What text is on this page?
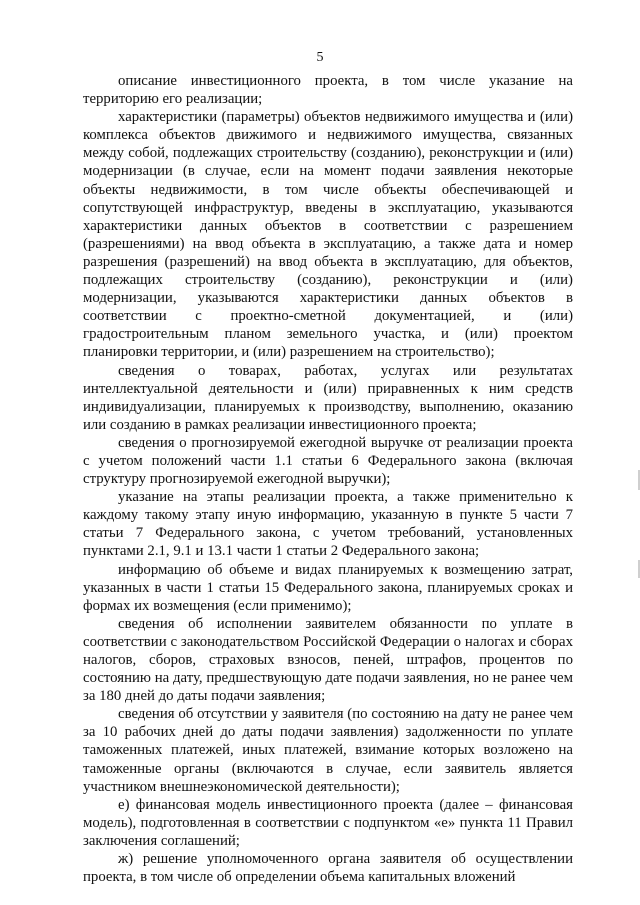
5

описание инвестиционного проекта, в том числе указание на территорию его реализации;

характеристики (параметры) объектов недвижимого имущества и (или) комплекса объектов движимого и недвижимого имущества, связанных между собой, подлежащих строительству (созданию), реконструкции и (или) модернизации (в случае, если на момент подачи заявления некоторые объекты недвижимости, в том числе объекты обеспечивающей и сопутствующей инфраструктур, введены в эксплуатацию, указываются характеристики данных объектов в соответствии с разрешением (разрешениями) на ввод объекта в эксплуатацию, а также дата и номер разрешения (разрешений) на ввод объекта в эксплуатацию, для объектов, подлежащих строительству (созданию), реконструкции и (или) модернизации, указываются характеристики данных объектов в соответствии с проектно-сметной документацией, и (или) градостроительным планом земельного участка, и (или) проектом планировки территории, и (или) разрешением на строительство);

сведения о товарах, работах, услугах или результатах интеллектуальной деятельности и (или) приравненных к ним средств индивидуализации, планируемых к производству, выполнению, оказанию или созданию в рамках реализации инвестиционного проекта;

сведения о прогнозируемой ежегодной выручке от реализации проекта с учетом положений части 1.1 статьи 6 Федерального закона (включая структуру прогнозируемой ежегодной выручки);

указание на этапы реализации проекта, а также применительно к каждому такому этапу иную информацию, указанную в пункте 5 части 7 статьи 7 Федерального закона, с учетом требований, установленных пунктами 2.1, 9.1 и 13.1 части 1 статьи 2 Федерального закона;

информацию об объеме и видах планируемых к возмещению затрат, указанных в части 1 статьи 15 Федерального закона, планируемых сроках и формах их возмещения (если применимо);

сведения об исполнении заявителем обязанности по уплате в соответствии с законодательством Российской Федерации о налогах и сборах налогов, сборов, страховых взносов, пеней, штрафов, процентов по состоянию на дату, предшествующую дате подачи заявления, но не ранее чем за 180 дней до даты подачи заявления;

сведения об отсутствии у заявителя (по состоянию на дату не ранее чем за 10 рабочих дней до даты подачи заявления) задолженности по уплате таможенных платежей, иных платежей, взимание которых возложено на таможенные органы (включаются в случае, если заявитель является участником внешнеэкономической деятельности);

е) финансовая модель инвестиционного проекта (далее – финансовая модель), подготовленная в соответствии с подпунктом «е» пункта 11 Правил заключения соглашений;

ж) решение уполномоченного органа заявителя об осуществлении проекта, в том числе об определении объема капитальных вложений
